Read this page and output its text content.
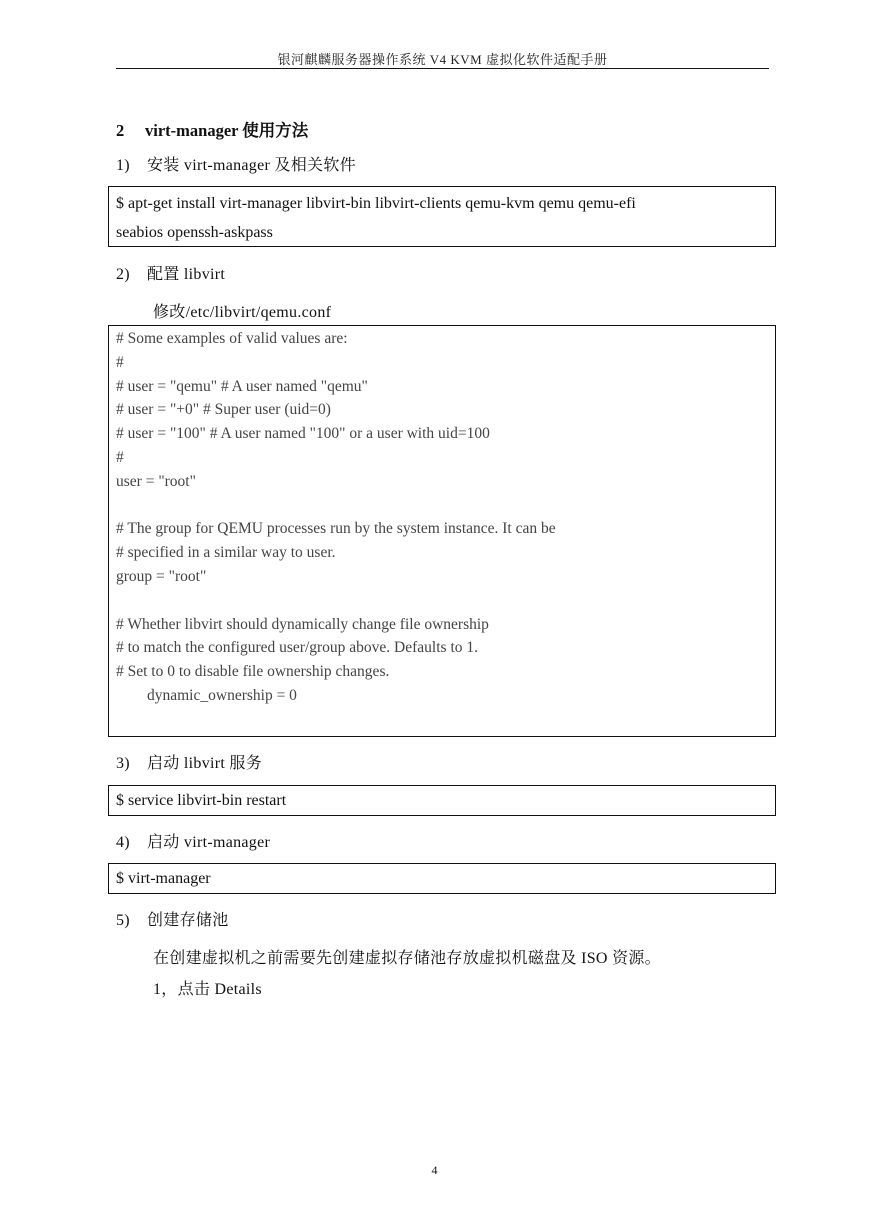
银河麒麟服务器操作系统 V4 KVM 虚拟化软件适配手册
2 virt-manager 使用方法
1) 安装 virt-manager 及相关软件
$ apt-get install virt-manager libvirt-bin libvirt-clients qemu-kvm qemu qemu-efi
seabios openssh-askpass
2) 配置 libvirt
修改/etc/libvirt/qemu.conf
# Some examples of valid values are:
#
# user = "qemu" # A user named "qemu"
# user = "+0" # Super user (uid=0)
# user = "100" # A user named "100" or a user with uid=100
#
user = "root"

# The group for QEMU processes run by the system instance. It can be
# specified in a similar way to user.
group = "root"

# Whether libvirt should dynamically change file ownership
# to match the configured user/group above. Defaults to 1.
# Set to 0 to disable file ownership changes.
dynamic_ownership = 0
3) 启动 libvirt 服务
$ service libvirt-bin restart
4) 启动 virt-manager
$ virt-manager
5) 创建存储池
在创建虚拟机之前需要先创建虚拟存储池存放虚拟机磁盘及 ISO 资源。
1，点击 Details
4
